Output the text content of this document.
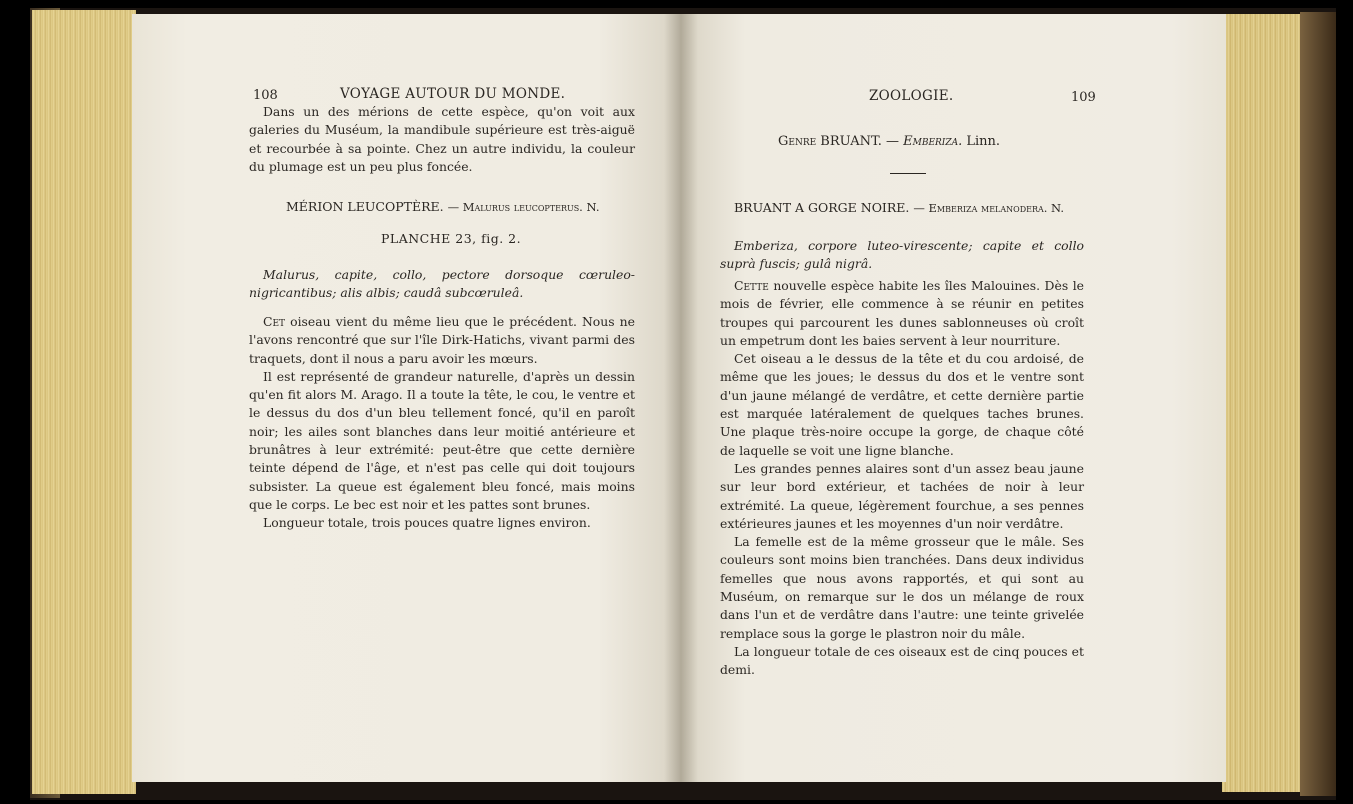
108	VOYAGE AUTOUR DU MONDE.

Dans un des mérions de cette espèce, qu'on voit aux galeries du Muséum, la mandibule supérieure est très-aiguë et recourbée à sa pointe. Chez un autre individu, la couleur du plumage est un peu plus foncée.

MÉRION LEUCOPTÈRE. — Malurus leucopterus. N.
PLANCHE 23, fig. 2.

Malurus, capite, collo, pectore dorsoque cœruleo-nigricantibus; alis albis; caudâ subcœruleâ.

Cet oiseau vient du même lieu que le précédent. Nous ne l'avons rencontré que sur l'île Dirk-Hatichs, vivant parmi des traquets, dont il nous a paru avoir les mœurs.

Il est représenté de grandeur naturelle, d'après un dessin qu'en fit alors M. Arago. Il a toute la tête, le cou, le ventre et le dessus du dos d'un bleu tellement foncé, qu'il en paroît noir; les ailes sont blanches dans leur moitié antérieure et brunâtres à leur extrémité: peut-être que cette dernière teinte dépend de l'âge, et n'est pas celle qui doit toujours subsister. La queue est également bleu foncé, mais moins que le corps. Le bec est noir et les pattes sont brunes.

Longueur totale, trois pouces quatre lignes environ.

ZOOLOGIE.	109
Genre BRUANT. — Emberiza. Linn.
BRUANT A GORGE NOIRE. — Emberiza melanodera. N.

Emberiza, corpore luteo-virescente; capite et collo suprà fuscis; gulâ nigrâ.

Cette nouvelle espèce habite les îles Malouines. Dès le mois de février, elle commence à se réunir en petites troupes qui parcourent les dunes sablonneuses où croît un empetrum dont les baies servent à leur nourriture.

Cet oiseau a le dessus de la tête et du cou ardoisé, de même que les joues; le dessus du dos et le ventre sont d'un jaune mélangé de verdâtre, et cette dernière partie est marquée latéralement de quelques taches brunes. Une plaque très-noire occupe la gorge, de chaque côté de laquelle se voit une ligne blanche.

Les grandes pennes alaires sont d'un assez beau jaune sur leur bord extérieur, et tachées de noir à leur extrémité. La queue, légèrement fourchue, a ses pennes extérieures jaunes et les moyennes d'un noir verdâtre.

La femelle est de la même grosseur que le mâle. Ses couleurs sont moins bien tranchées. Dans deux individus femelles que nous avons rapportés, et qui sont au Muséum, on remarque sur le dos un mélange de roux dans l'un et de verdâtre dans l'autre: une teinte grivelée remplace sous la gorge le plastron noir du mâle.

La longueur totale de ces oiseaux est de cinq pouces et demi.
